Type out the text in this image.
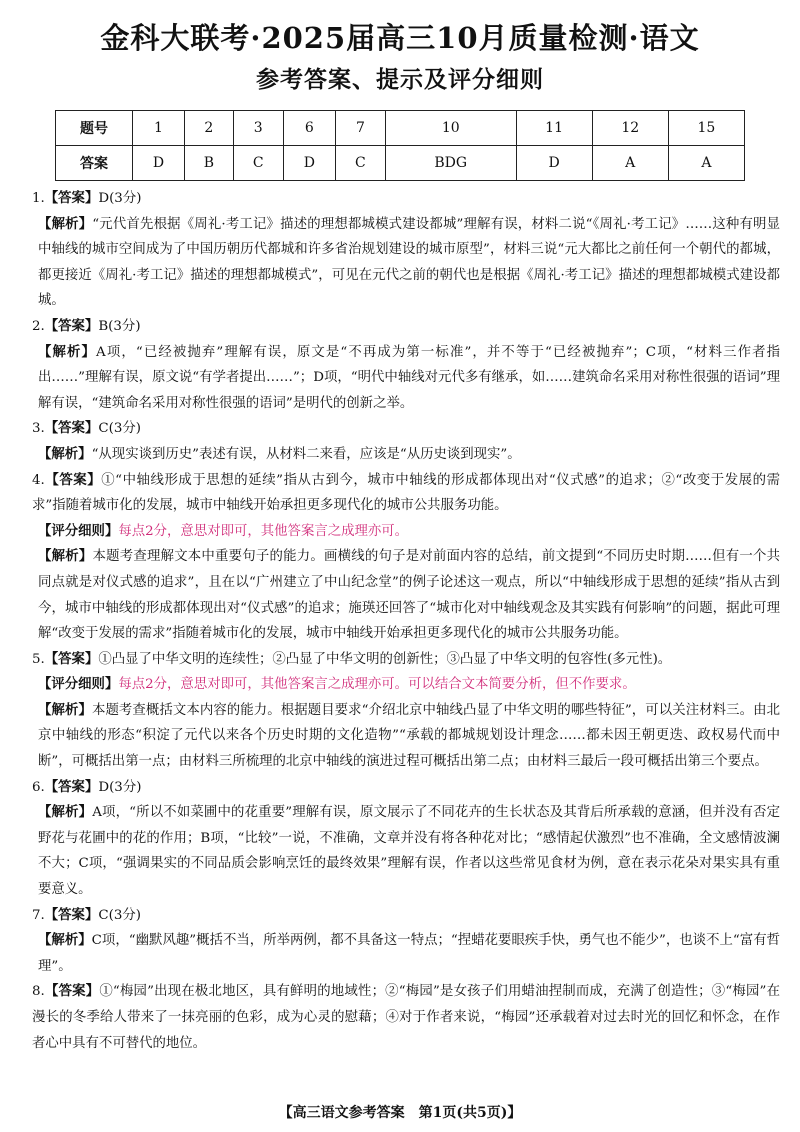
金科大联考·2025届高三10月质量检测·语文
参考答案、提示及评分细则
题号	1	2	3	6	7	10	11	12	15
答案	D	B	C	D	C	BDG	D	A	A

1.【答案】D(3分)

【解析】“元代首先根据《周礼·考工记》描述的理想都城模式建设都城”理解有误，材料二说“《周礼·考工记》……这种有明显中轴线的城市空间成为了中国历朝历代都城和许多省治规划建设的城市原型”，材料三说“元大都比之前任何一个朝代的都城，都更接近《周礼·考工记》描述的理想都城模式”，可见在元代之前的朝代也是根据《周礼·考工记》描述的理想都城模式建设都城。

2.【答案】B(3分)

【解析】A项，“已经被抛弃”理解有误，原文是“不再成为第一标准”，并不等于“已经被抛弃”；C项，“材料三作者指出……”理解有误，原文说“有学者提出……”；D项，“明代中轴线对元代多有继承，如……建筑命名采用对称性很强的语词”理解有误，“建筑命名采用对称性很强的语词”是明代的创新之举。

3.【答案】C(3分)

【解析】“从现实谈到历史”表述有误，从材料二来看，应该是“从历史谈到现实”。

4.【答案】①“中轴线形成于思想的延续”指从古到今，城市中轴线的形成都体现出对“仪式感”的追求；②“改变于发展的需求”指随着城市化的发展，城市中轴线开始承担更多现代化的城市公共服务功能。

【评分细则】每点2分，意思对即可，其他答案言之成理亦可。

【解析】本题考查理解文本中重要句子的能力。画横线的句子是对前面内容的总结，前文提到“不同历史时期……但有一个共同点就是对仪式感的追求”，且在以“广州建立了中山纪念堂”的例子论述这一观点，所以“中轴线形成于思想的延续”指从古到今，城市中轴线的形成都体现出对“仪式感”的追求；施瑛还回答了“城市化对中轴线观念及其实践有何影响”的问题，据此可理解“改变于发展的需求”指随着城市化的发展，城市中轴线开始承担更多现代化的城市公共服务功能。

5.【答案】①凸显了中华文明的连续性；②凸显了中华文明的创新性；③凸显了中华文明的包容性(多元性)。

【评分细则】每点2分，意思对即可，其他答案言之成理亦可。可以结合文本简要分析，但不作要求。

【解析】本题考查概括文本内容的能力。根据题目要求“介绍北京中轴线凸显了中华文明的哪些特征”，可以关注材料三。由北京中轴线的形态“积淀了元代以来各个历史时期的文化造物”“承载的都城规划设计理念……都未因王朝更迭、政权易代而中断”，可概括出第一点；由材料三所梳理的北京中轴线的演进过程可概括出第二点；由材料三最后一段可概括出第三个要点。

6.【答案】D(3分)

【解析】A项，“所以不如菜圃中的花重要”理解有误，原文展示了不同花卉的生长状态及其背后所承载的意涵，但并没有否定野花与花圃中的花的作用；B项，“比较”一说，不准确，文章并没有将各种花对比；“感情起伏激烈”也不准确，全文感情波澜不大；C项，“强调果实的不同品质会影响烹饪的最终效果”理解有误，作者以这些常见食材为例，意在表示花朵对果实具有重要意义。

7.【答案】C(3分)

【解析】C项，“幽默风趣”概括不当，所举两例，都不具备这一特点；“捏蜡花要眼疾手快，勇气也不能少”，也谈不上“富有哲理”。

8.【答案】①“梅园”出现在极北地区，具有鲜明的地域性；②“梅园”是女孩子们用蜡油捏制而成，充满了创造性；③“梅园”在漫长的冬季给人带来了一抹亮丽的色彩，成为心灵的慰藉；④对于作者来说，“梅园”还承载着对过去时光的回忆和怀念，在作者心中具有不可替代的地位。

【高三语文参考答案　第1页(共5页)】
